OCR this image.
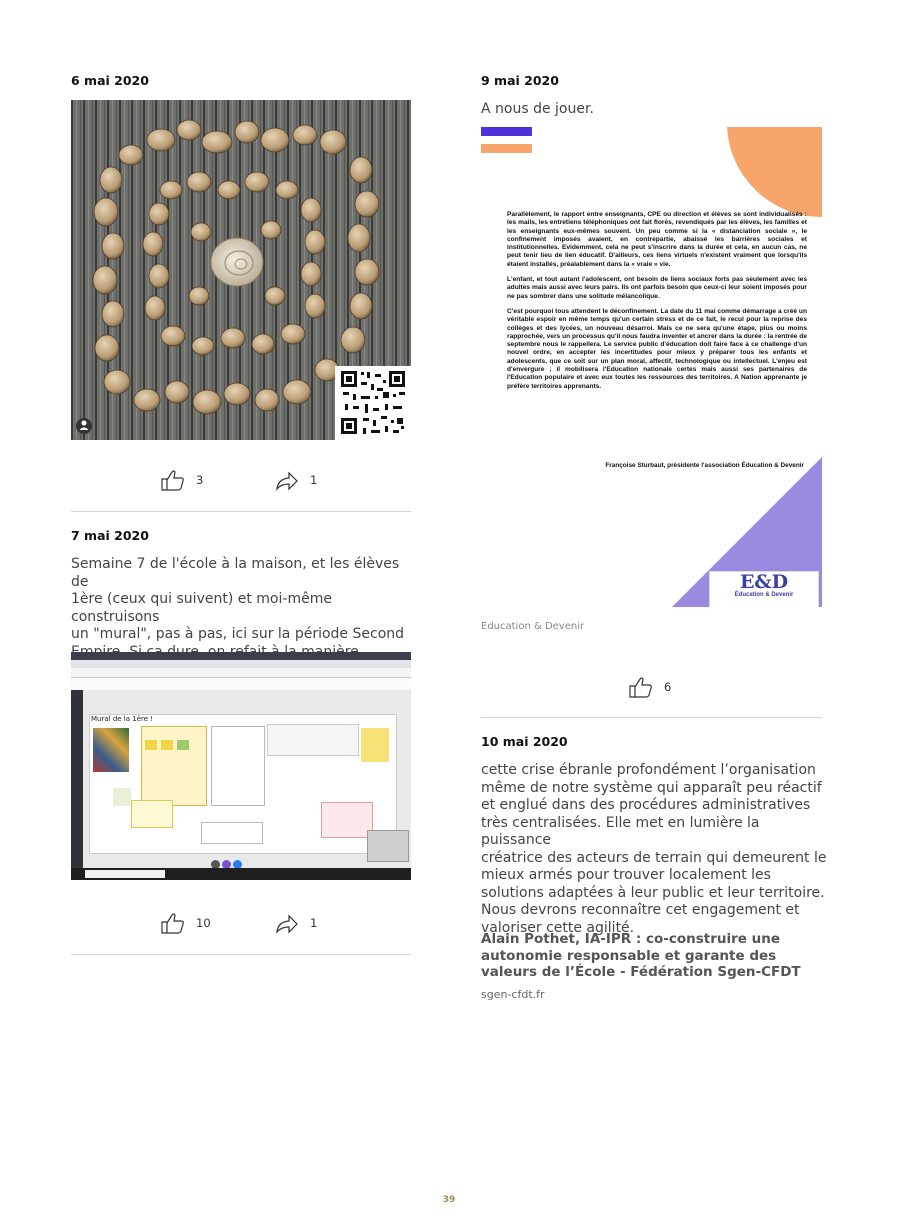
6 mai 2020
3	1
7 mai 2020
Semaine 7 de l'école à la maison, et les élèves de
1ère (ceux qui suivent) et moi-même construisons
un "mural", pas à pas, ici sur la période Second
Mural de la 1ère !
10	1
9 mai 2020
A nous de jouer.

Parallèlement, le rapport entre enseignants, CPE ou direction et élèves se sont individualisés : les mails, les entretiens téléphoniques ont fait florès, revendiqués par les élèves, les familles et les enseignants eux-mêmes souvent. Un peu comme si la « distanciation sociale », le confinement imposés avaient, en contrepartie, abaissé les barrières sociales et institutionnelles. Evidemment, cela ne peut s'inscrire dans la durée et cela, en aucun cas, ne peut tenir lieu de lien éducatif. D'ailleurs, ces liens virtuels n'existent vraiment que lorsqu'ils étaient installés, préalablement dans la « vraie » vie.

L'enfant, et tout autant l'adolescent, ont besoin de liens sociaux forts pas seulement avec les adultes mais aussi avec leurs pairs. Ils ont parfois besoin que ceux-ci leur soient imposés pour ne pas sombrer dans une solitude mélancolique.

C'est pourquoi tous attendent le déconfinement. La date du 11 mai comme démarrage a créé un véritable espoir en même temps qu'un certain stress et de ce fait, le recul pour la reprise des collèges et des lycées, un nouveau désarroi. Mais ce ne sera qu'une étape, plus ou moins rapprochée, vers un processus qu'il nous faudra inventer et ancrer dans la durée : la rentrée de septembre nous le rappellera. Le service public d'éducation doit faire face à ce challenge d'un nouvel ordre, en accepter les incertitudes pour mieux y préparer tous les enfants et adolescents, que ce soit sur un plan moral, affectif, technologique ou intellectuel. L'enjeu est d'envergure ; il mobilisera l'Education nationale certes mais aussi ses partenaires de l'Education populaire et avec eux toutes les ressources des territoires. A Nation apprenante je préfère territoires apprenants.

Françoise Sturbaut, présidente l'association Éducation & Devenir
E&D
Éducation & Devenir
Education & Devenir
6
10 mai 2020
cette crise ébranle profondément l’organisation
même de notre système qui apparaît peu réactif
et englué dans des procédures administratives
très centralisées. Elle met en lumière la puissance
créatrice des acteurs de terrain qui demeurent le
mieux armés pour trouver localement les
solutions adaptées à leur public et leur territoire.
Nous devrons reconnaître cet engagement et
valoriser cette agilité.
Alain Pothet, IA-IPR : co-construire une
autonomie responsable et garante des
valeurs de l’École - Fédération Sgen-CFDT
sgen-cfdt.fr
39
